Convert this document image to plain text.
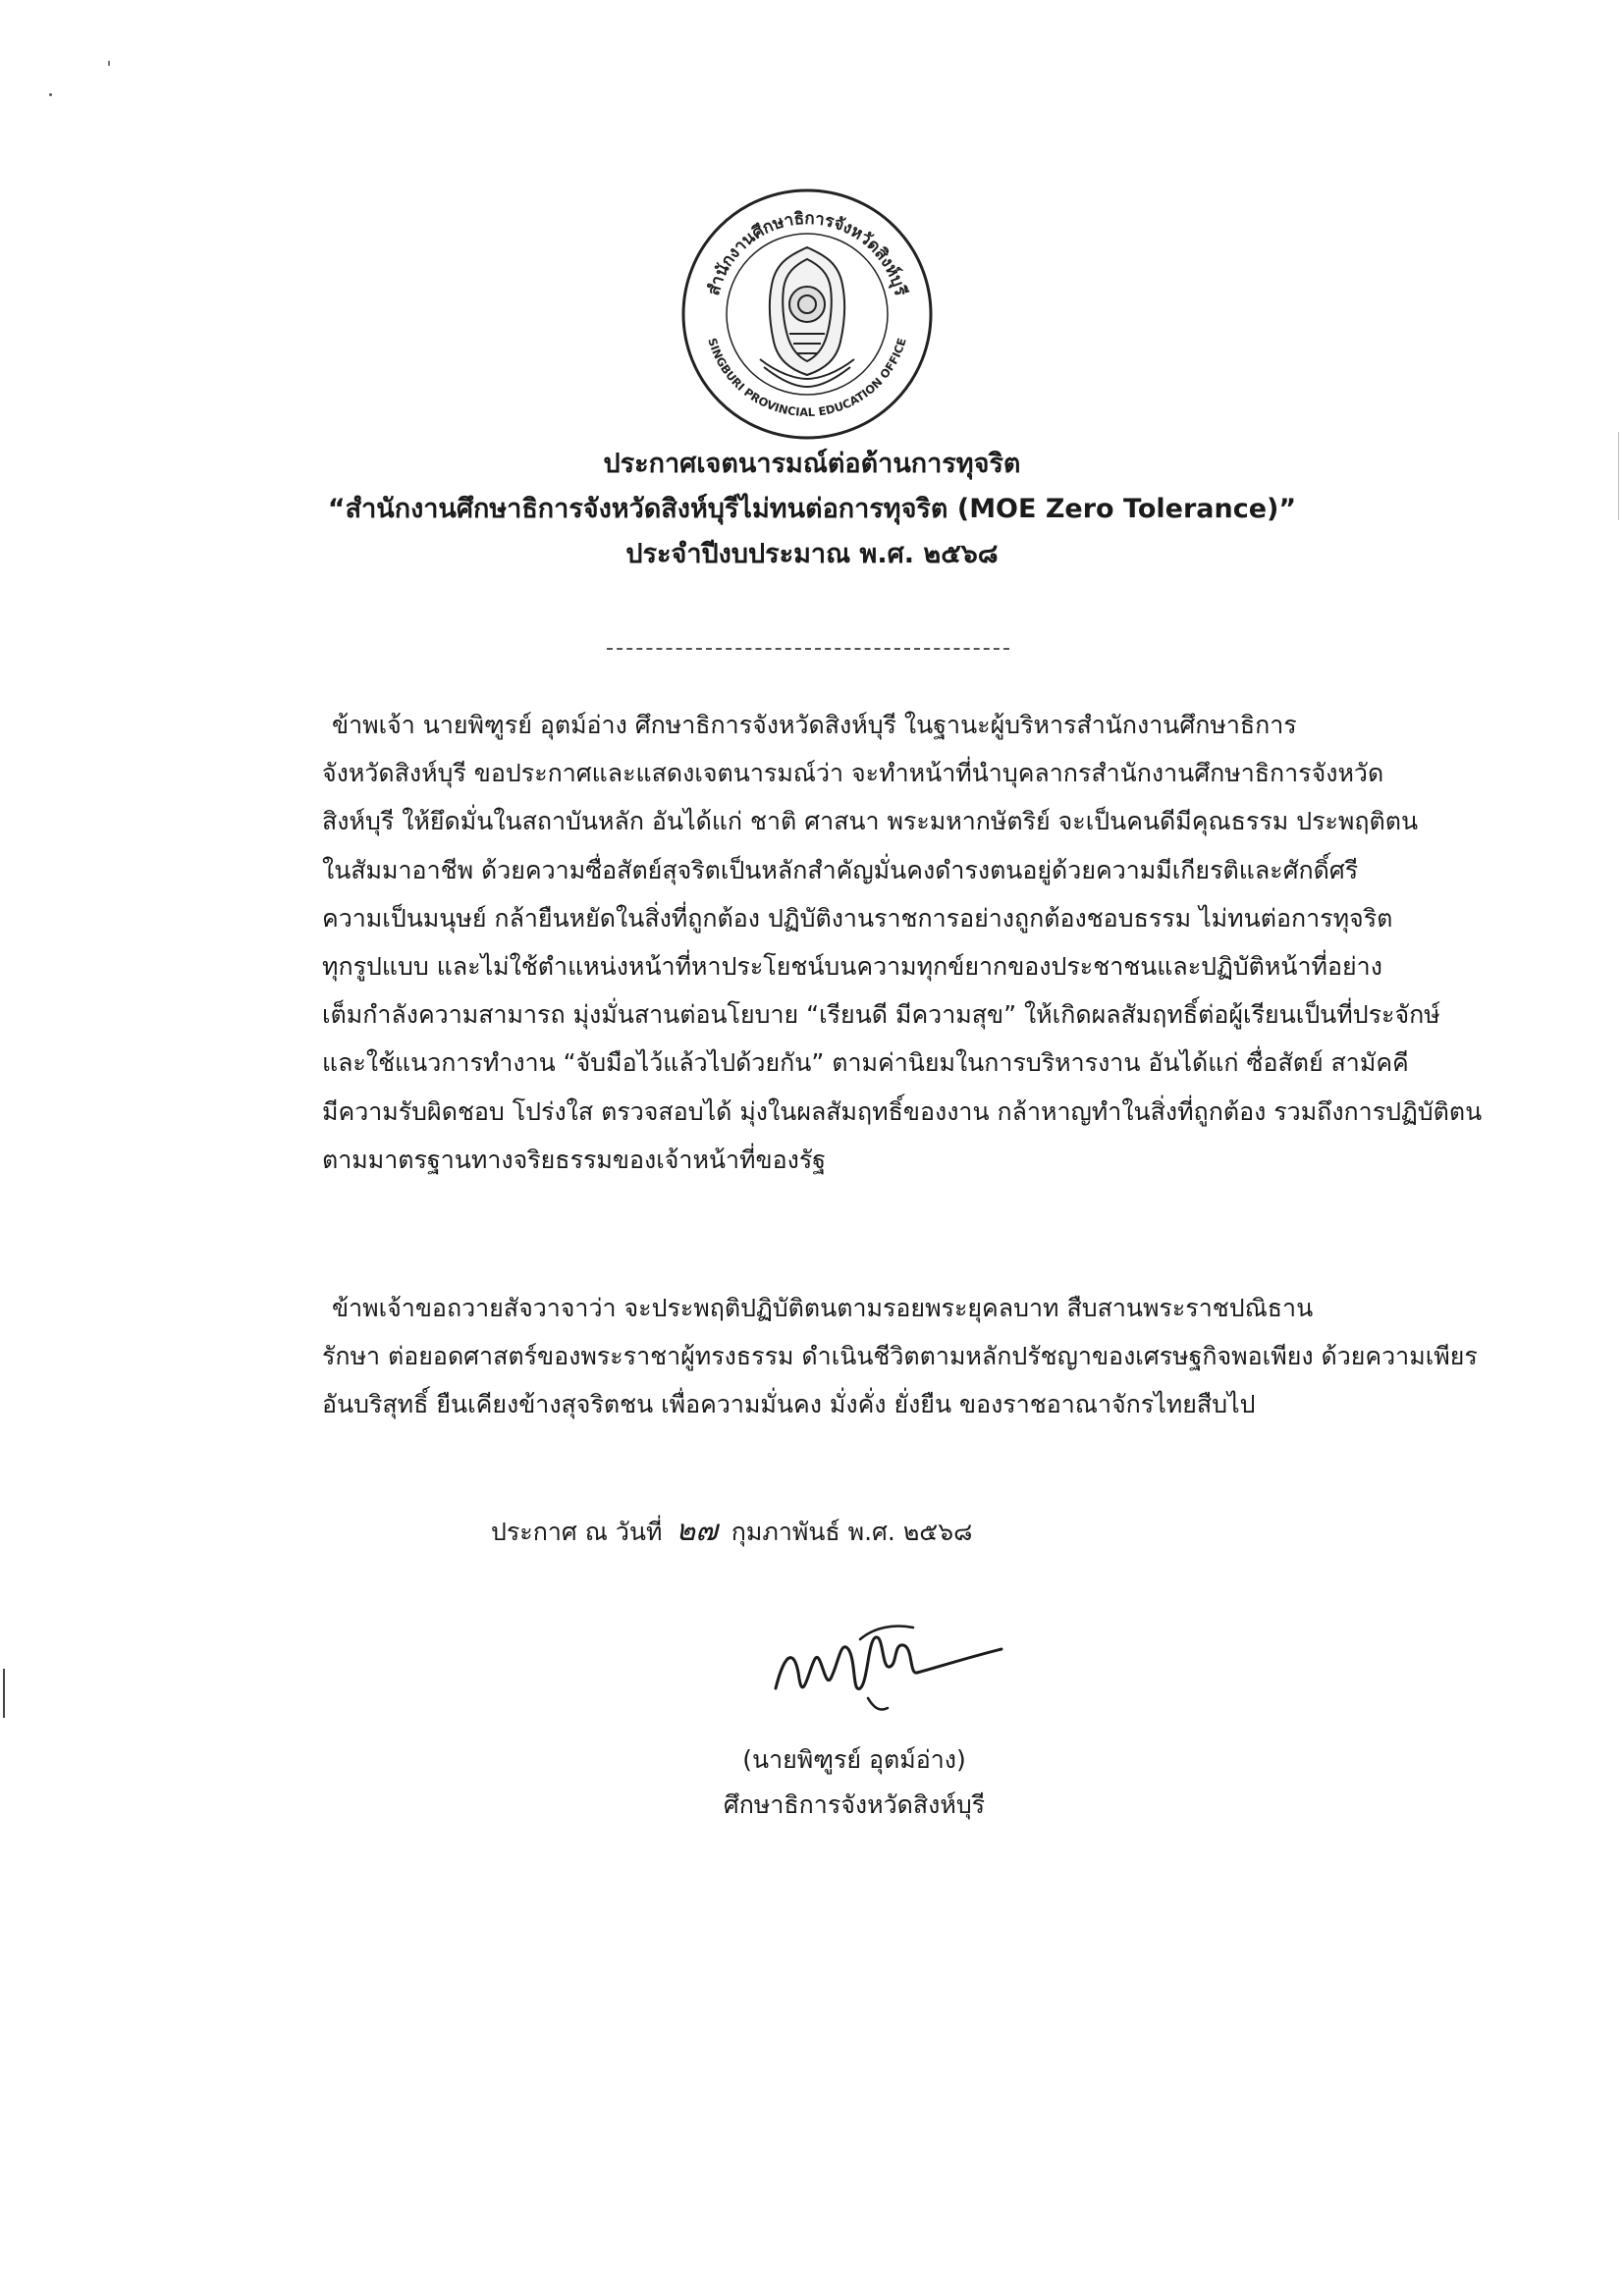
สำนักงานศึกษาธิการจังหวัดสิงห์บุรี
SINGBURI PROVINCIAL EDUCATION OFFICE
ประกาศเจตนารมณ์ต่อต้านการทุจริต
“สำนักงานศึกษาธิการจังหวัดสิงห์บุรีไม่ทนต่อการทุจริต (MOE Zero Tolerance)”
ประจำปีงบประมาณ พ.ศ. ๒๕๖๘
ข้าพเจ้า นายพิฑูรย์ อุตม์อ่าง ศึกษาธิการจังหวัดสิงห์บุรี ในฐานะผู้บริหารสำนักงานศึกษาธิการ
จังหวัดสิงห์บุรี ขอประกาศและแสดงเจตนารมณ์ว่า จะทำหน้าที่นำบุคลากรสำนักงานศึกษาธิการจังหวัด
สิงห์บุรี ให้ยึดมั่นในสถาบันหลัก อันได้แก่ ชาติ ศาสนา พระมหากษัตริย์ จะเป็นคนดีมีคุณธรรม ประพฤติตน
ในสัมมาอาชีพ ด้วยความซื่อสัตย์สุจริตเป็นหลักสำคัญมั่นคงดำรงตนอยู่ด้วยความมีเกียรติและศักดิ์ศรี
ความเป็นมนุษย์ กล้ายืนหยัดในสิ่งที่ถูกต้อง ปฏิบัติงานราชการอย่างถูกต้องชอบธรรม ไม่ทนต่อการทุจริต
ทุกรูปแบบ และไม่ใช้ตำแหน่งหน้าที่หาประโยชน์บนความทุกข์ยากของประชาชนและปฏิบัติหน้าที่อย่าง
เต็มกำลังความสามารถ มุ่งมั่นสานต่อนโยบาย “เรียนดี มีความสุข” ให้เกิดผลสัมฤทธิ์ต่อผู้เรียนเป็นที่ประจักษ์
และใช้แนวการทำงาน “จับมือไว้แล้วไปด้วยกัน” ตามค่านิยมในการบริหารงาน อันได้แก่ ซื่อสัตย์ สามัคคี
มีความรับผิดชอบ โปร่งใส ตรวจสอบได้ มุ่งในผลสัมฤทธิ์ของงาน กล้าหาญทำในสิ่งที่ถูกต้อง รวมถึงการปฏิบัติตน
ตามมาตรฐานทางจริยธรรมของเจ้าหน้าที่ของรัฐ
ข้าพเจ้าขอถวายสัจวาจาว่า จะประพฤติปฏิบัติตนตามรอยพระยุคลบาท สืบสานพระราชปณิธาน
รักษา ต่อยอดศาสตร์ของพระราชาผู้ทรงธรรม ดำเนินชีวิตตามหลักปรัชญาของเศรษฐกิจพอเพียง ด้วยความเพียร
อันบริสุทธิ์ ยืนเคียงข้างสุจริตชน เพื่อความมั่นคง มั่งคั่ง ยั่งยืน ของราชอาณาจักรไทยสืบไป
ประกาศ ณ วันที่ ๒๗ กุมภาพันธ์ พ.ศ. ๒๕๖๘
(นายพิฑูรย์ อุตม์อ่าง)
ศึกษาธิการจังหวัดสิงห์บุรี
